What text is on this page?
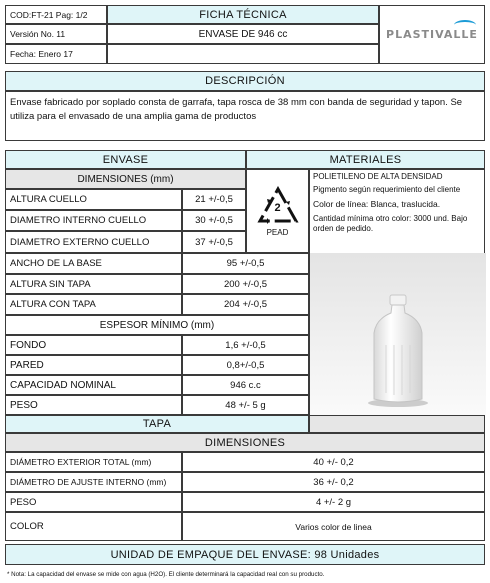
COD:FT-21 Pag: 1/2
Versión No. 11
Fecha: Enero 17
FICHA TÉCNICA
ENVASE DE 946 cc	PLASTIVALLE
DESCRIPCIÓN
Envase fabricado por soplado consta de garrafa, tapa rosca de 38 mm con banda de seguridad y tapon. Se utiliza para el envasado de una amplia gama de productos
ENVASE	MATERIALES
DIMENSIONES (mm)
ALTURA CUELLO	21 +/-0,5
DIAMETRO INTERNO CUELLO	30 +/-0,5
DIAMETRO EXTERNO CUELLO	37 +/-0,5
2
PEAD
POLIETILENO DE ALTA DENSIDAD
Pigmento según requerimiento del cliente
Color de línea: Blanca, traslucida.
Cantidad mínima otro color: 3000 und. Bajo orden de pedido.
ANCHO DE LA BASE	95 +/-0,5
ALTURA SIN TAPA	200 +/-0,5
ALTURA CON TAPA	204 +/-0,5
ESPESOR MÍNIMO (mm)
FONDO	1,6 +/-0,5
PARED	0,8+/-0,5
CAPACIDAD NOMINAL	946 c.c
PESO	48 +/- 5 g
TAPA
DIMENSIONES
DIÁMETRO EXTERIOR TOTAL (mm)	40 +/- 0,2
DIÁMETRO DE AJUSTE INTERNO (mm)	36 +/- 0,2
PESO	4 +/- 2 g
COLOR	Varios color de linea
UNIDAD DE EMPAQUE DEL ENVASE: 98 Unidades
* Nota: La capacidad del envase se mide con agua (H2O). El cliente determinará la capacidad real con su producto.
